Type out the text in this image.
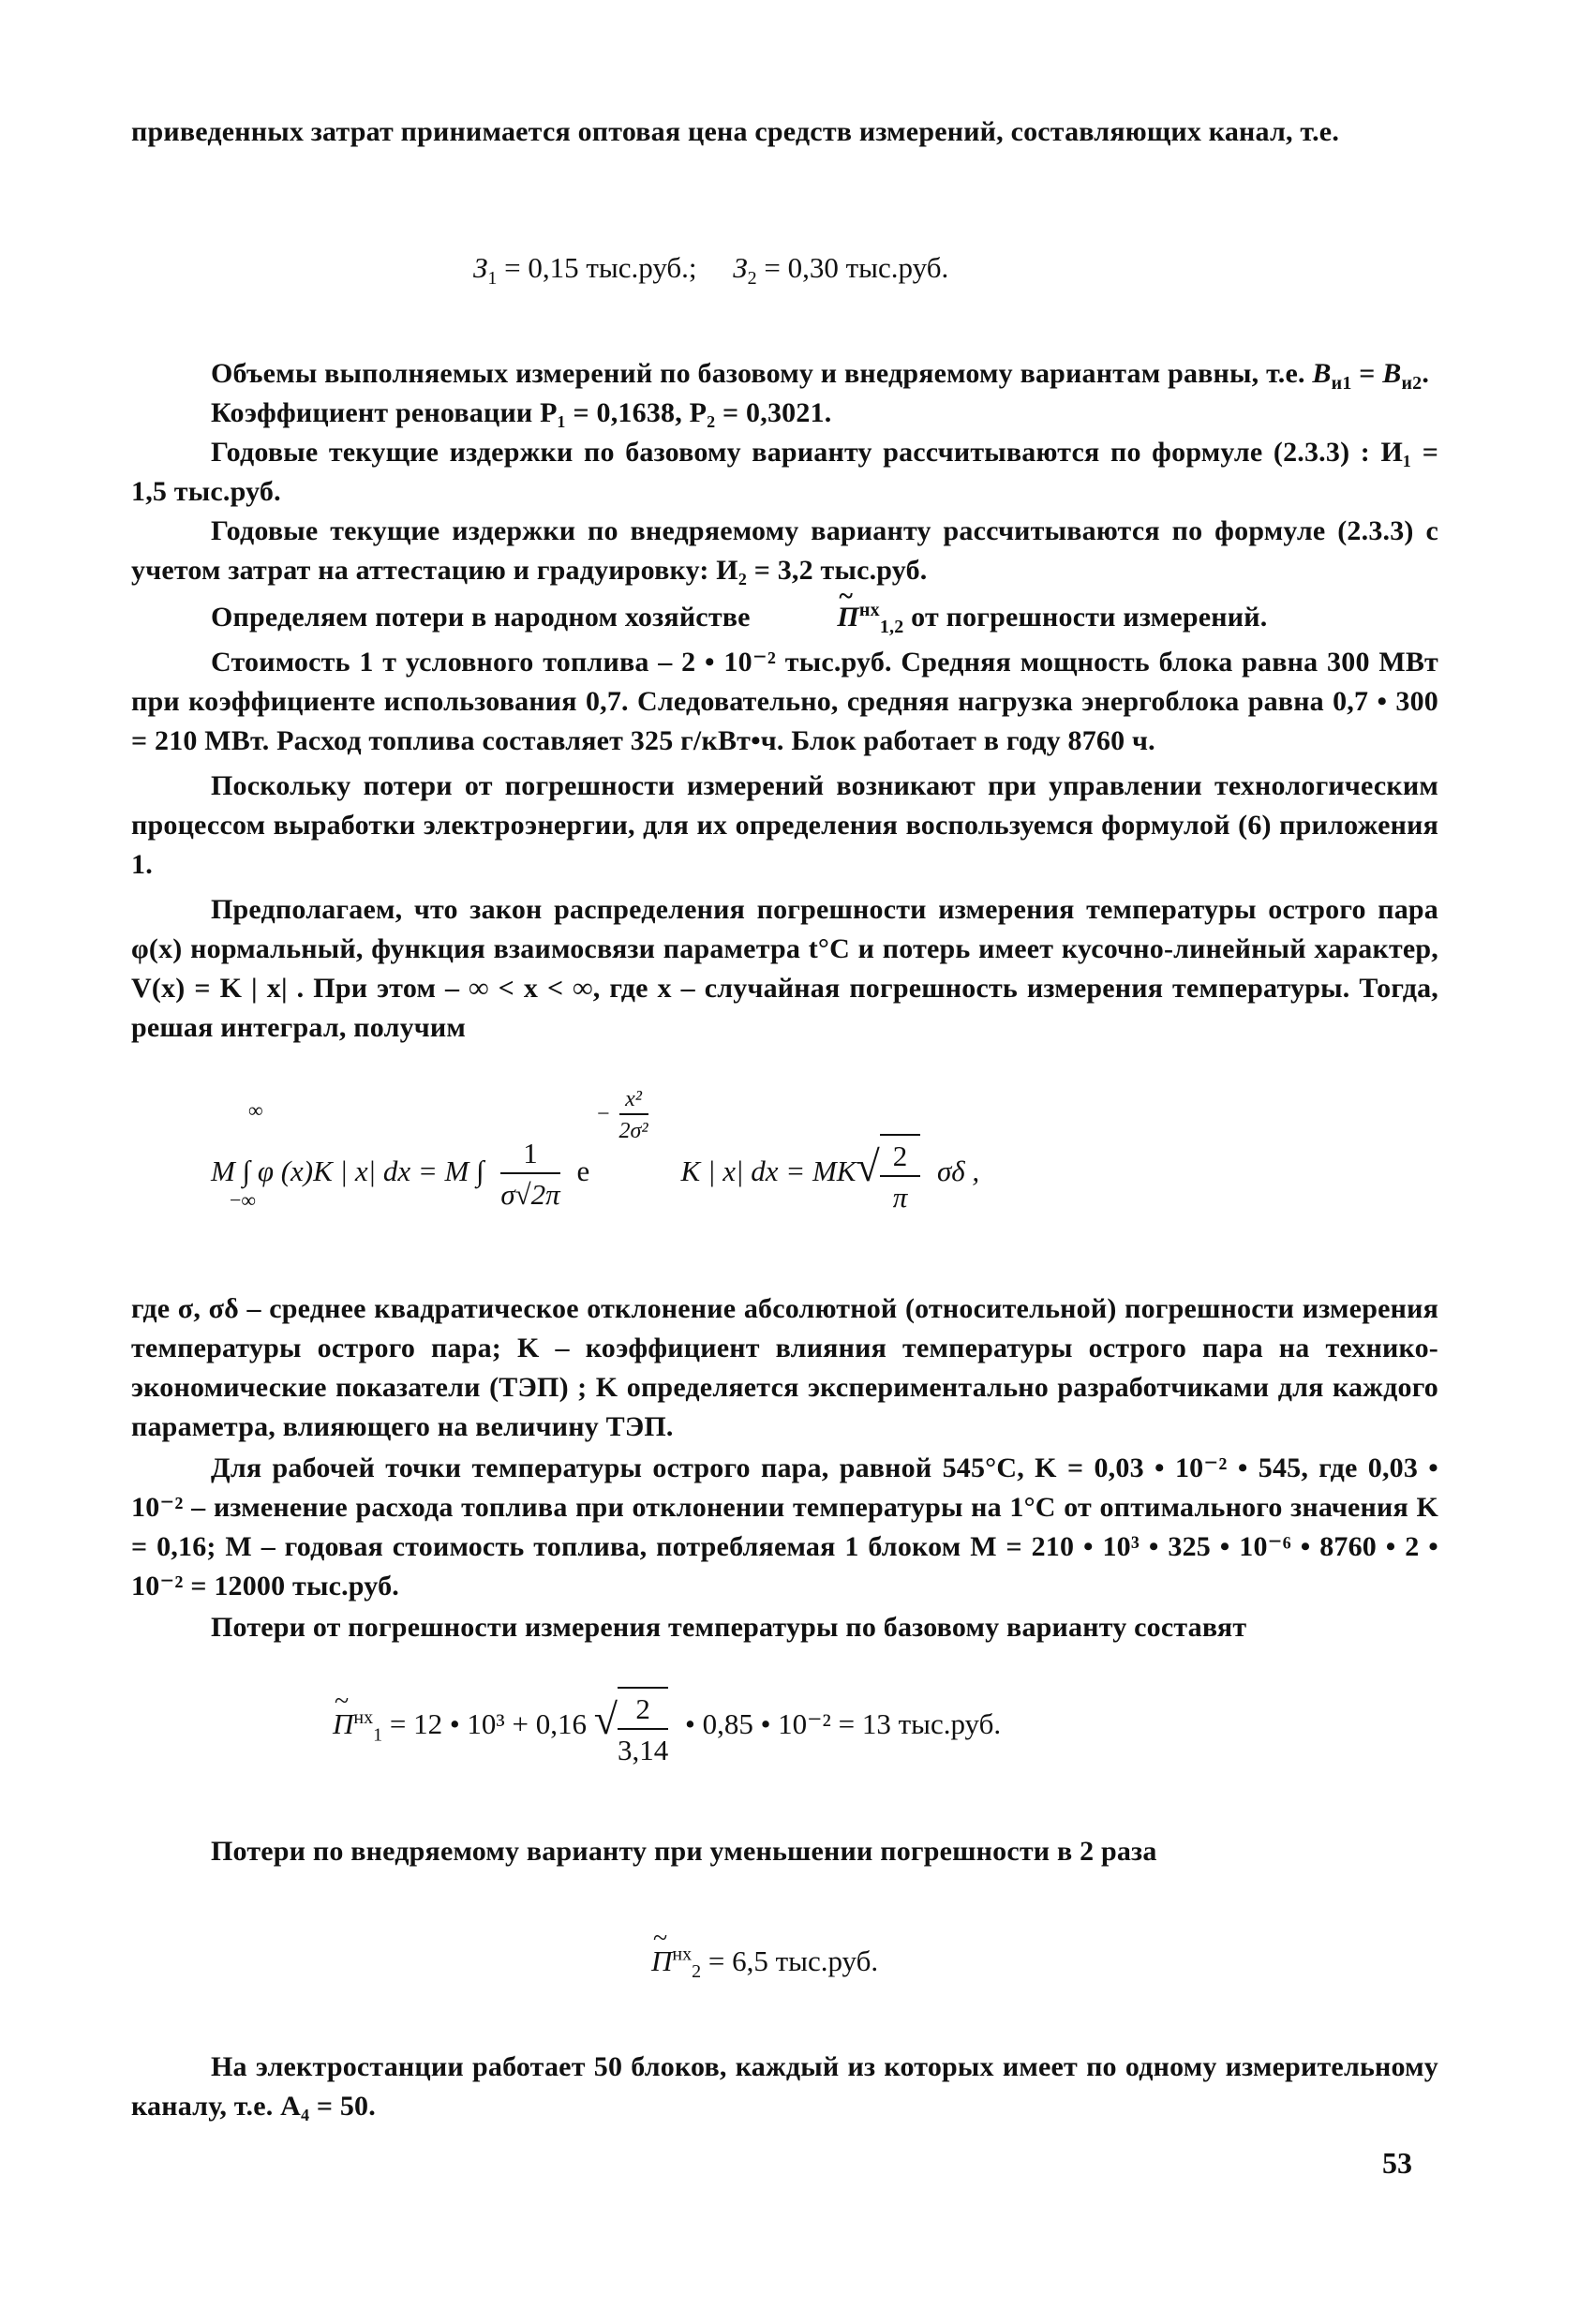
приведенных затрат принимается оптовая цена средств измерений, составляющих канал, т.е.

$З_1 = 0,15$ тыс.руб.; $З_2 = 0,30$ тыс.руб.

Объемы выполняемых измерений по базовому и внедряемому вариантам равны, т.е. $B_{и1} = B_{и2}$.

Коэффициент реновации P₁ = 0,1638, P₂ = 0,3021.

Годовые текущие издержки по базовому варианту рассчитываются по формуле (2.3.3) : И₁ = 1,5 тыс.руб.

Годовые текущие издержки по внедряемому варианту рассчитываются по формуле (2.3.3) с учетом затрат на аттестацию и градуировку: И₂ = 3,2 тыс.руб.

Определяем потери в народном хозяйстве ~	$П^{нх}_{1,2}$ от погрешности измерений.

Стоимость 1 т условного топлива – 2 • 10⁻² тыс.руб. Средняя мощность блока равна 300 МВт при коэффициенте использования 0,7. Следовательно, средняя нагрузка энергоблока равна 0,7 • 300 = 210 МВт. Расход топлива составляет 325 г/кВт•ч. Блок работает в году 8760 ч.

Поскольку потери от погрешности измерений возникают при управлении технологическим процессом выработки электроэнергии, для их определения воспользуемся формулой (6) приложения 1.

Предполагаем, что закон распределения погрешности измерения температуры острого пара φ(x) нормальный, функция взаимосвязи параметра t°C и потерь имеет кусочно-линейный характер, V(x) = K | x| . При этом – ∞ < x < ∞, где x – случайная погрешность измерения температуры. Тогда, решая интеграл, получим

M ∫ φ (x)K | x| dx = M ∫ $\frac{1}{\sigma√2\pi}$ $e - \frac{\text{x²}}{\text{2σ²}}$
K | x| dx = $MK√ \frac{2}{\pi}$ σδ ,
∞
−∞

где σ, σδ – среднее квадратическое отклонение абсолютной (относительной) погрешности измерения температуры острого пара; K – коэффициент влияния температуры острого пара на технико-экономические показатели (ТЭП) ; K определяется экспериментально разработчиками для каждого параметра, влияющего на величину ТЭП.

Для рабочей точки температуры острого пара, равной 545°С, K = 0,03 • 10⁻² • 545, где 0,03 • 10⁻² – изменение расхода топлива при отклонении температуры на 1°С от оптимального значения K = 0,16; M – годовая стоимость топлива, потребляемая 1 блоком M = 210 • 10³ • 325 • 10⁻⁶ • 8760 • 2 • 10⁻² = 12000 тыс.руб.

Потери от погрешности измерения температуры по базовому варианту составят

~ $П^{нх}_1 = 12$ • 10³ + 0,16 √ $\frac{2}{3,14}$ • 0,85 • 10⁻² = 13 тыс.руб.

Потери по внедряемому варианту при уменьшении погрешности в 2 раза

~ $П^{нх}_2 = 6,5$ тыс.руб.

На электростанции работает 50 блоков, каждый из которых имеет по одному измерительному каналу, т.е. A₄ = 50.

53
